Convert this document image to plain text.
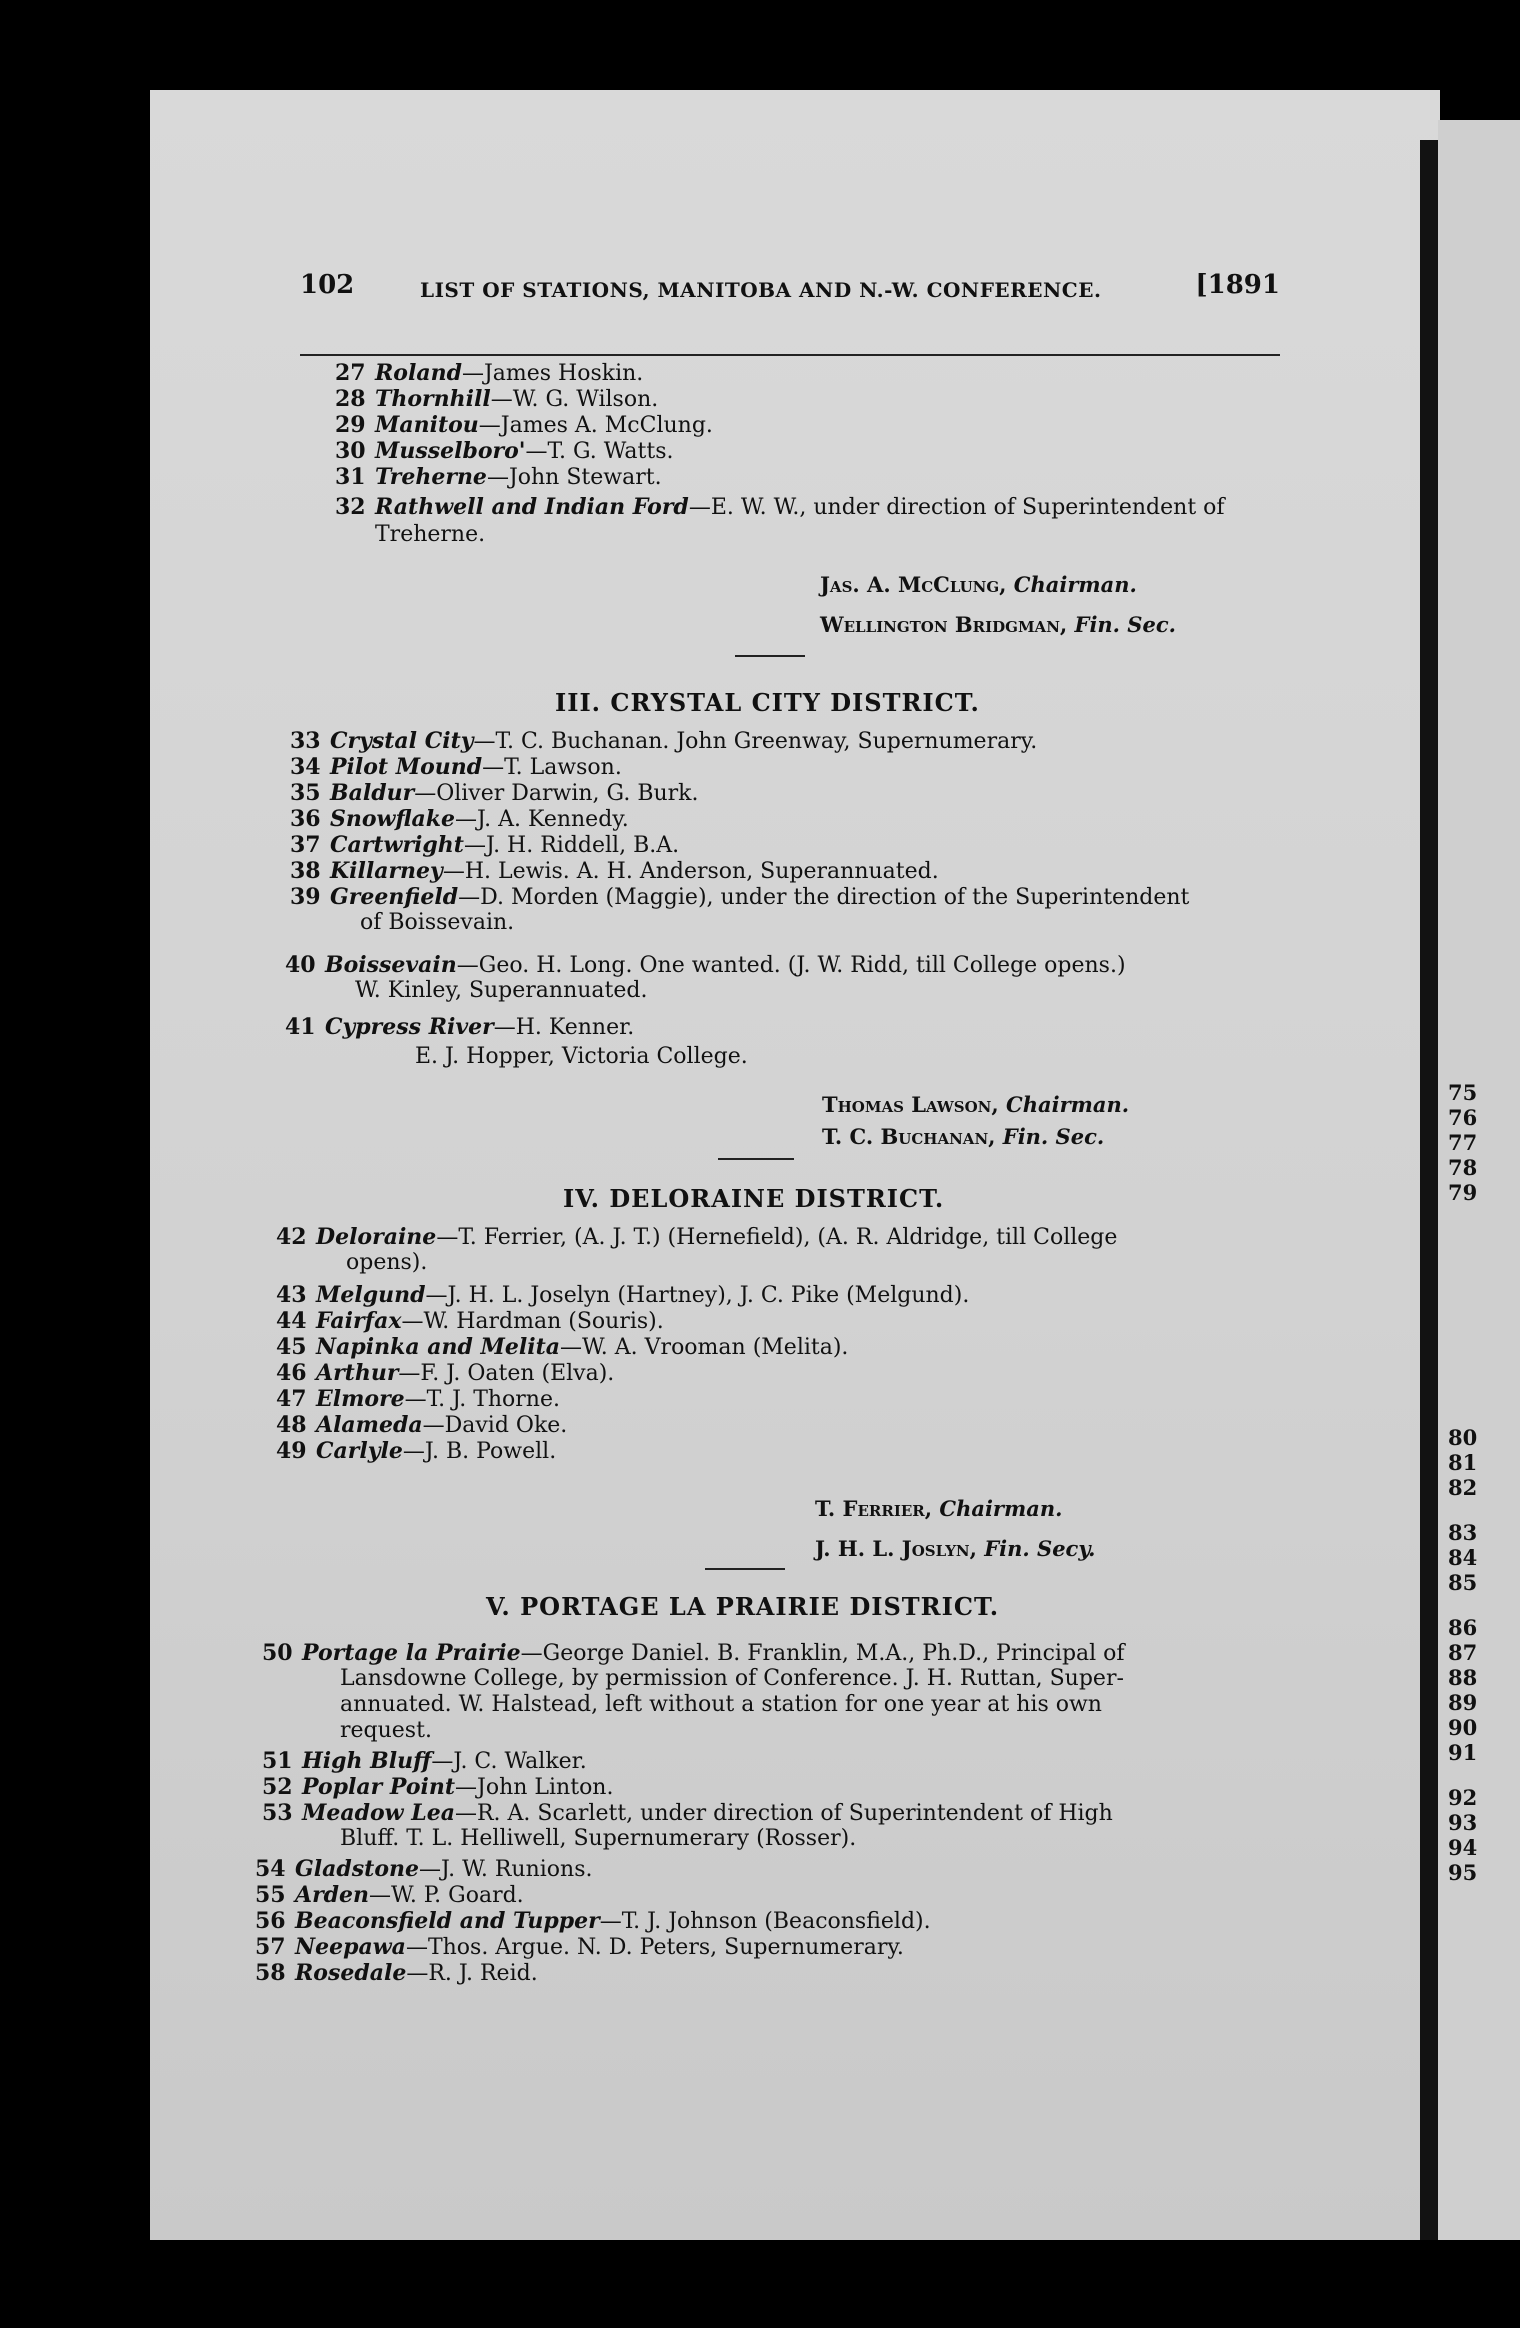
75
76
77
78
79
80
81
82
83
84
85
86
87
88
89
90
91
92
93
94
95
102	LIST OF STATIONS, MANITOBA AND N.-W. CONFERENCE.	[1891
27 Roland—James Hoskin.
28 Thornhill—W. G. Wilson.
29 Manitou—James A. McClung.
30 Musselboro'—T. G. Watts.
31 Treherne—John Stewart.
32 Rathwell and Indian Ford—E. W. W., under direction of Superintendent of
Treherne.
Jas. A. McClung, Chairman.
Wellington Bridgman, Fin. Sec.
III. CRYSTAL CITY DISTRICT.
33 Crystal City—T. C. Buchanan. John Greenway, Supernumerary.
34 Pilot Mound—T. Lawson.
35 Baldur—Oliver Darwin, G. Burk.
36 Snowflake—J. A. Kennedy.
37 Cartwright—J. H. Riddell, B.A.
38 Killarney—H. Lewis. A. H. Anderson, Superannuated.
39 Greenfield—D. Morden (Maggie), under the direction of the Superintendent
of Boissevain.
40 Boissevain—Geo. H. Long. One wanted. (J. W. Ridd, till College opens.)
W. Kinley, Superannuated.
41 Cypress River—H. Kenner.
E. J. Hopper, Victoria College.
Thomas Lawson, Chairman.
T. C. Buchanan, Fin. Sec.
IV. DELORAINE DISTRICT.
42 Deloraine—T. Ferrier, (A. J. T.) (Hernefield), (A. R. Aldridge, till College
opens).
43 Melgund—J. H. L. Joselyn (Hartney), J. C. Pike (Melgund).
44 Fairfax—W. Hardman (Souris).
45 Napinka and Melita—W. A. Vrooman (Melita).
46 Arthur—F. J. Oaten (Elva).
47 Elmore—T. J. Thorne.
48 Alameda—David Oke.
49 Carlyle—J. B. Powell.
T. Ferrier, Chairman.
J. H. L. Joslyn, Fin. Secy.
V. PORTAGE LA PRAIRIE DISTRICT.
50 Portage la Prairie—George Daniel. B. Franklin, M.A., Ph.D., Principal of
Lansdowne College, by permission of Conference. J. H. Ruttan, Super-
annuated. W. Halstead, left without a station for one year at his own
request.
51 High Bluff—J. C. Walker.
52 Poplar Point—John Linton.
53 Meadow Lea—R. A. Scarlett, under direction of Superintendent of High
Bluff. T. L. Helliwell, Supernumerary (Rosser).
54 Gladstone—J. W. Runions.
55 Arden—W. P. Goard.
56 Beaconsfield and Tupper—T. J. Johnson (Beaconsfield).
57 Neepawa—Thos. Argue. N. D. Peters, Supernumerary.
58 Rosedale—R. J. Reid.
